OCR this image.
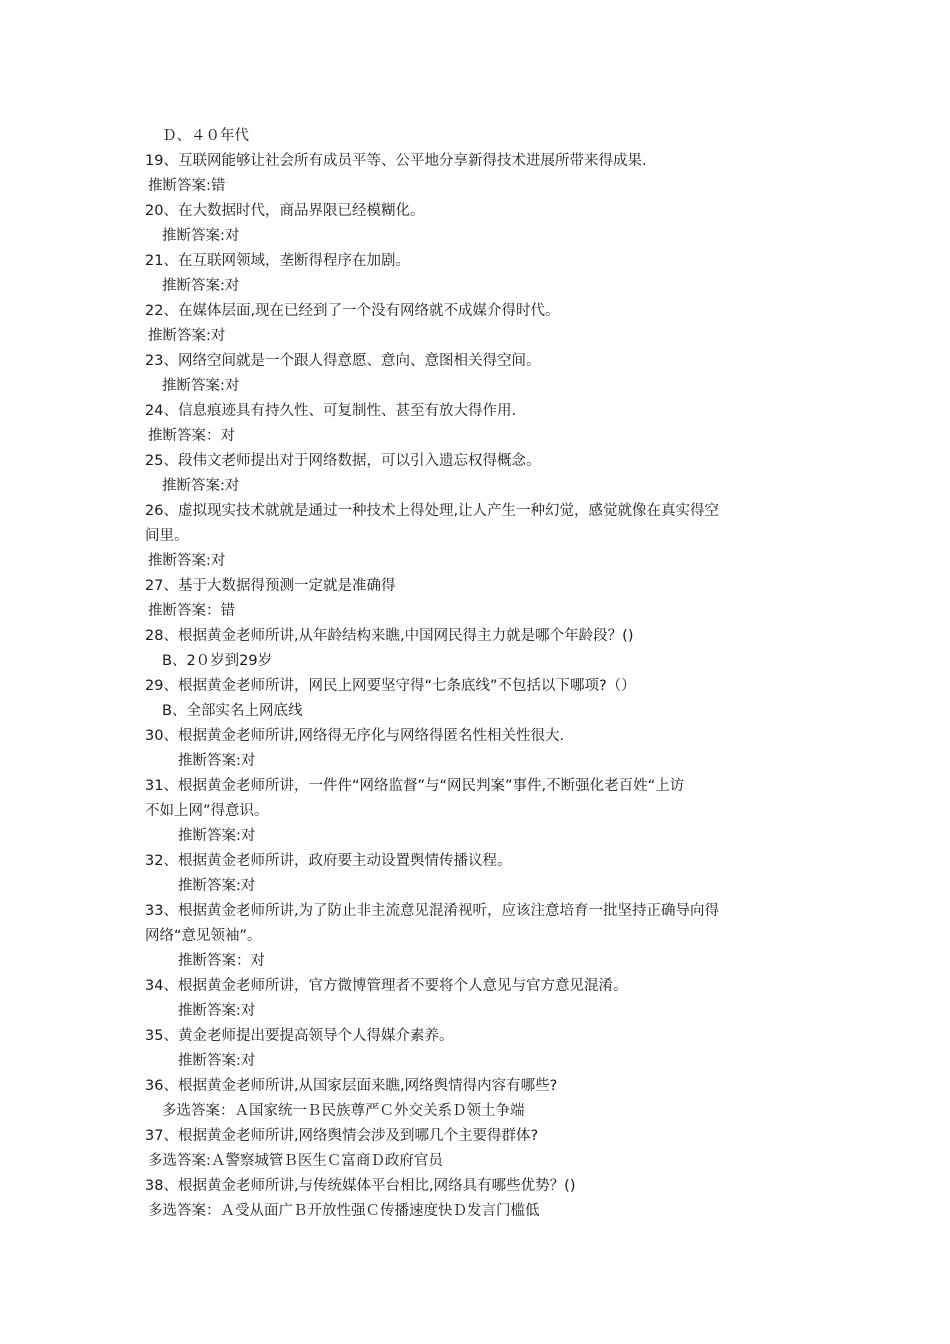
Ｄ、４０年代
19、互联网能够让社会所有成员平等、公平地分享新得技术进展所带来得成果.
推断答案:错
20、在大数据时代，商品界限已经模糊化。
推断答案:对
21、在互联网领域，垄断得程序在加剧。
推断答案:对
22、在媒体层面,现在已经到了一个没有网络就不成媒介得时代。
推断答案:对
23、网络空间就是一个跟人得意愿、意向、意图相关得空间。
推断答案:对
24、信息痕迹具有持久性、可复制性、甚至有放大得作用.
推断答案：对
25、段伟文老师提出对于网络数据，可以引入遗忘权得概念。
推断答案:对
26、虚拟现实技术就就是通过一种技术上得处理,让人产生一种幻觉，感觉就像在真实得空
间里。
推断答案:对
27、基于大数据得预测一定就是准确得
推断答案：错
28、根据黄金老师所讲,从年龄结构来瞧,中国网民得主力就是哪个年龄段？()
B、2０岁到29岁
29、根据黄金老师所讲，网民上网要坚守得“七条底线”不包括以下哪项?（）
B、全部实名上网底线
30、根据黄金老师所讲,网络得无序化与网络得匿名性相关性很大.
推断答案:对
31、根据黄金老师所讲，一件件“网络监督”与“网民判案”事件,不断强化老百姓“上访
不如上网”得意识。
推断答案:对
32、根据黄金老师所讲，政府要主动设置舆情传播议程。
推断答案:对
33、根据黄金老师所讲,为了防止非主流意见混淆视听，应该注意培育一批坚持正确导向得
网络“意见领袖”。
推断答案：对
34、根据黄金老师所讲，官方微博管理者不要将个人意见与官方意见混淆。
推断答案:对
35、黄金老师提出要提高领导个人得媒介素养。
推断答案:对
36、根据黄金老师所讲,从国家层面来瞧,网络舆情得内容有哪些?
多选答案：Ａ国家统一Ｂ民族尊严Ｃ外交关系Ｄ领土争端
37、根据黄金老师所讲,网络舆情会涉及到哪几个主要得群体?
多选答案:Ａ警察城管Ｂ医生Ｃ富商Ｄ政府官员
38、根据黄金老师所讲,与传统媒体平台相比,网络具有哪些优势？()
多选答案：Ａ受从面广Ｂ开放性强Ｃ传播速度快Ｄ发言门槛低
